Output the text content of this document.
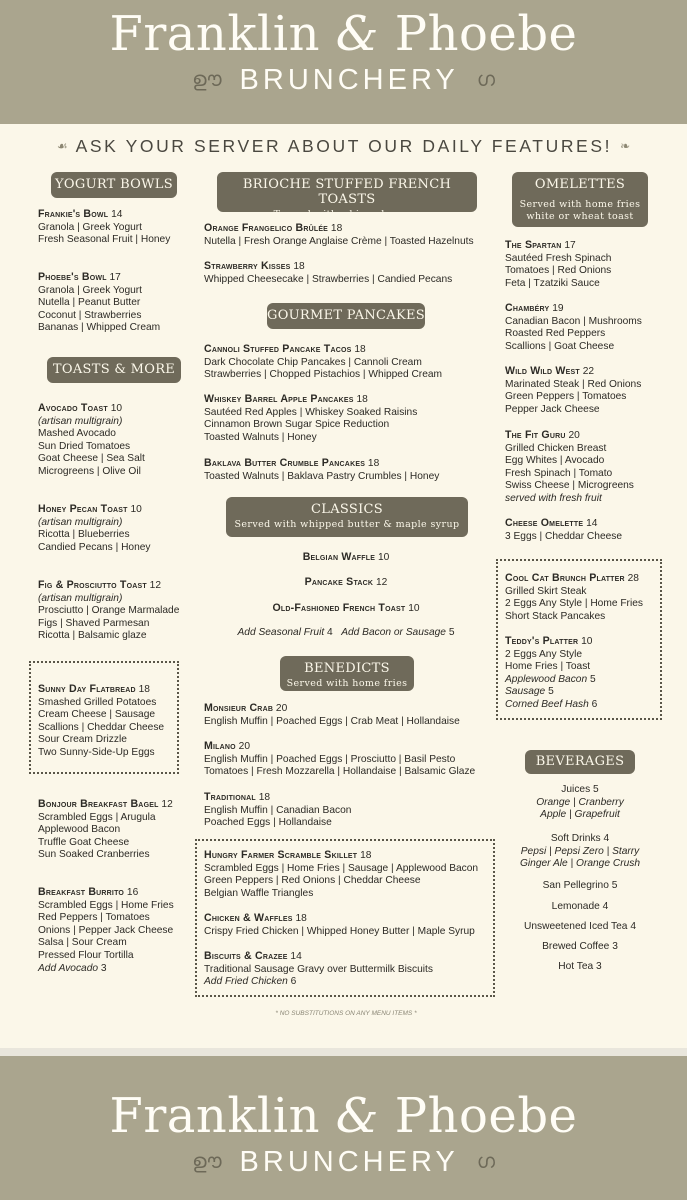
Franklin & Phoebe
ഊ BRUNCHERY ഗ
☙ ASK YOUR SERVER ABOUT OUR DAILY FEATURES! ❧
YOGURT BOWLS
Frankie's Bowl 14
Granola | Greek Yogurt
Fresh Seasonal Fruit | Honey
Phoebe's Bowl 17
Granola | Greek Yogurt
Nutella | Peanut Butter
Coconut | Strawberries
Bananas | Whipped Cream
TOASTS & MORE
Avocado Toast 10
(artisan multigrain)
Mashed Avocado
Sun Dried Tomatoes
Goat Cheese | Sea Salt
Microgreens | Olive Oil
Honey Pecan Toast 10
(artisan multigrain)
Ricotta | Blueberries
Candied Pecans | Honey
Fig & Prosciutto Toast 12
(artisan multigrain)
Prosciutto | Orange Marmalade
Figs | Shaved Parmesan
Ricotta | Balsamic glaze
Sunny Day Flatbread 18
Smashed Grilled Potatoes
Cream Cheese | Sausage
Scallions | Cheddar Cheese
Sour Cream Drizzle
Two Sunny-Side-Up Eggs
Bonjour Breakfast Bagel 12
Scrambled Eggs | Arugula
Applewood Bacon
Truffle Goat Cheese
Sun Soaked Cranberries
Breakfast Burrito 16
Scrambled Eggs | Home Fries
Red Peppers | Tomatoes
Onions | Pepper Jack Cheese
Salsa | Sour Cream
Pressed Flour Tortilla
Add Avocado 3
BRIOCHE STUFFED FRENCH TOASTS
Topped with whipped cream
Orange Frangelico Brûlée 18
Nutella | Fresh Orange Anglaise Crème | Toasted Hazelnuts
Strawberry Kisses 18
Whipped Cheesecake | Strawberries | Candied Pecans
GOURMET PANCAKES
Cannoli Stuffed Pancake Tacos 18
Dark Chocolate Chip Pancakes | Cannoli Cream
Strawberries | Chopped Pistachios | Whipped Cream
Whiskey Barrel Apple Pancakes 18
Sautéed Red Apples | Whiskey Soaked Raisins
Cinnamon Brown Sugar Spice Reduction
Toasted Walnuts | Honey
Baklava Butter Crumble Pancakes 18
Toasted Walnuts | Baklava Pastry Crumbles | Honey
CLASSICS
Served with whipped butter & maple syrup
Belgian Waffle 10
Pancake Stack 12
Old-Fashioned French Toast 10
Add Seasonal Fruit 4 Add Bacon or Sausage 5
BENEDICTS
Served with home fries
Monsieur Crab 20
English Muffin | Poached Eggs | Crab Meat | Hollandaise
Milano 20
English Muffin | Poached Eggs | Prosciutto | Basil Pesto
Tomatoes | Fresh Mozzarella | Hollandaise | Balsamic Glaze
Traditional 18
English Muffin | Canadian Bacon
Poached Eggs | Hollandaise
Hungry Farmer Scramble Skillet 18
Scrambled Eggs | Home Fries | Sausage | Applewood Bacon
Green Peppers | Red Onions | Cheddar Cheese
Belgian Waffle Triangles
Chicken & Waffles 18
Crispy Fried Chicken | Whipped Honey Butter | Maple Syrup
Biscuits & Crazee 14
Traditional Sausage Gravy over Buttermilk Biscuits
Add Fried Chicken 6
* NO SUBSTITUTIONS ON ANY MENU ITEMS *
OMELETTES
Served with home fries
white or wheat toast
The Spartan 17
Sautéed Fresh Spinach
Tomatoes | Red Onions
Feta | Tzatziki Sauce
Chambéry 19
Canadian Bacon | Mushrooms
Roasted Red Peppers
Scallions | Goat Cheese
Wild Wild West 22
Marinated Steak | Red Onions
Green Peppers | Tomatoes
Pepper Jack Cheese
The Fit Guru 20
Grilled Chicken Breast
Egg Whites | Avocado
Fresh Spinach | Tomato
Swiss Cheese | Microgreens
served with fresh fruit
Cheese Omelette 14
3 Eggs | Cheddar Cheese
Cool Cat Brunch Platter 28
Grilled Skirt Steak
2 Eggs Any Style | Home Fries
Short Stack Pancakes
Teddy's Platter 10
2 Eggs Any Style
Home Fries | Toast
Applewood Bacon 5
Sausage 5
Corned Beef Hash 6
BEVERAGES
Juices 5
Orange | Cranberry
Apple | Grapefruit
Soft Drinks 4
Pepsi | Pepsi Zero | Starry
Ginger Ale | Orange Crush
San Pellegrino 5
Lemonade 4
Unsweetened Iced Tea 4
Brewed Coffee 3
Hot Tea 3
Franklin & Phoebe
ഊ BRUNCHERY ഗ
